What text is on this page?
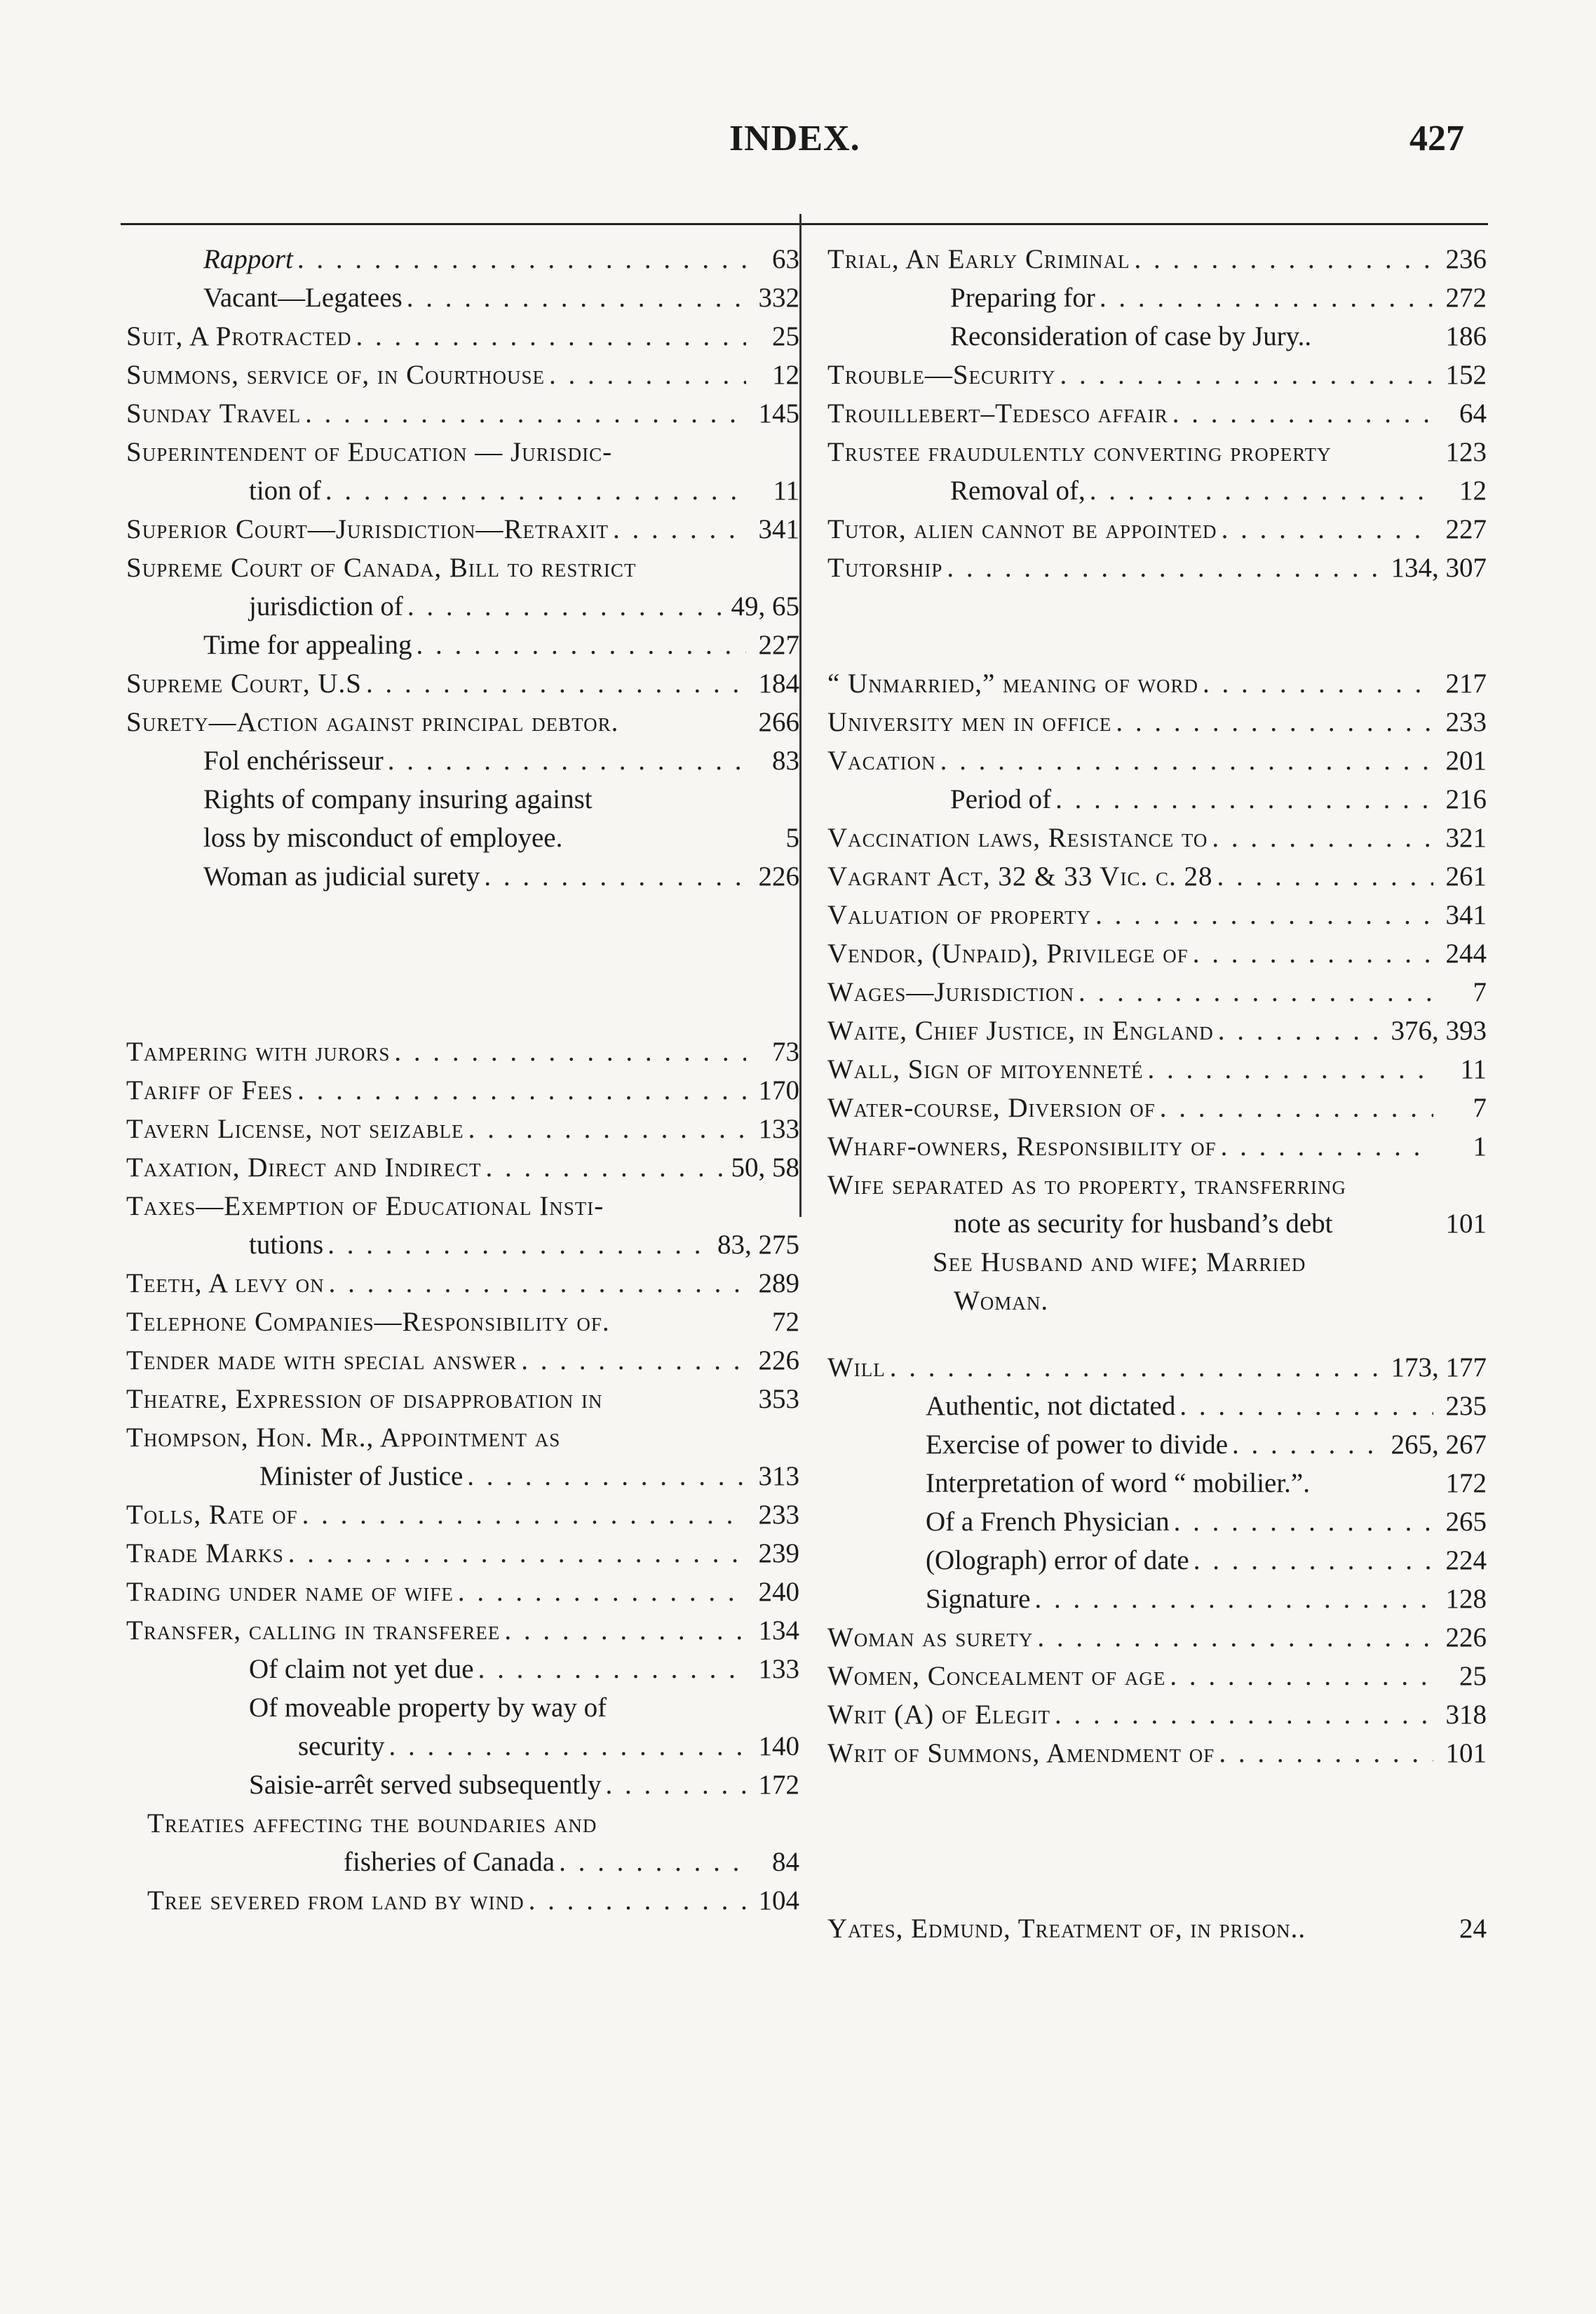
INDEX.	427
Rapport . . .	63
Vacant—Legatees . . .	332
Suit, A Protracted . . .	25
Summons, service of, in Courthouse . . .	12
Sunday Travel . . .	145
Superintendent of Education — Jurisdic-
tion of . . .	11
Superior Court—Jurisdiction—Retraxit . . .	341
Supreme Court of Canada, Bill to restrict
jurisdiction of . . .	49, 65
Time for appealing . . .	227
Supreme Court, U.S . . .	184
Surety—Action against principal debtor.	266
Fol enchérisseur . . .	83
Rights of company insuring against
loss by misconduct of employee.	5
Woman as judicial surety . . .	226
Tampering with jurors . . .	73
Tariff of Fees . . .	170
Tavern License, not seizable . . .	133
Taxation, Direct and Indirect . . .	50, 58
Taxes—Exemption of Educational Insti-
tutions . . .	83, 275
Teeth, A levy on . . .	289
Telephone Companies—Responsibility of.	72
Tender made with special answer . . .	226
Theatre, Expression of disapprobation in	353
Thompson, Hon. Mr., Appointment as
Minister of Justice . . .	313
Tolls, Rate of . . .	233
Trade Marks . . .	239
Trading under name of wife . . .	240
Transfer, calling in transferee . . .	134
Of claim not yet due . . .	133
Of moveable property by way of
security . . .	140
Saisie-arrêt served subsequently . . .	172
Treaties affecting the boundaries and
fisheries of Canada . . .	84
Tree severed from land by wind . . .	104
Trial, An Early Criminal . . .	236
Preparing for . . .	272
Reconsideration of case by Jury..	186
Trouble—Security . . .	152
Trouillebert–Tedesco affair . . .	64
Trustee fraudulently converting property	123
Removal of, . . .	12
Tutor, alien cannot be appointed . . .	227
Tutorship . . .	134, 307
“ Unmarried,” meaning of word . . .	217
University men in office . . .	233
Vacation . . .	201
Period of . . .	216
Vaccination laws, Resistance to . . .	321
Vagrant Act, 32 & 33 Vic. c. 28 . . .	261
Valuation of property . . .	341
Vendor, (Unpaid), Privilege of . . .	244
Wages—Jurisdiction . . .	7
Waite, Chief Justice, in England . . .	376, 393
Wall, Sign of mitoyenneté . . .	11
Water-course, Diversion of . . .	7
Wharf-owners, Responsibility of . . .	1
Wife separated as to property, transferring
note as security for husband’s debt	101
See Husband and wife; Married
Woman.
Will . . .	173, 177
Authentic, not dictated . . .	235
Exercise of power to divide . . .	265, 267
Interpretation of word “ mobilier.”.	172
Of a French Physician . . .	265
(Olograph) error of date . . .	224
Signature . . .	128
Woman as surety . . .	226
Women, Concealment of age . . .	25
Writ (A) of Elegit . . .	318
Writ of Summons, Amendment of . . .	101
Yates, Edmund, Treatment of, in prison..	24
